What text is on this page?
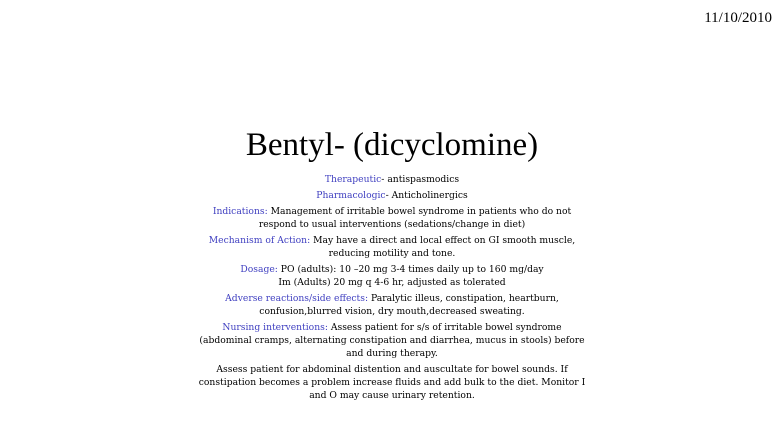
11/10/2010
Bentyl- (dicyclomine)

Therapeutic- antispasmodics

Pharmacologic- Anticholinergics

Indications: Management of irritable bowel syndrome in patients who do not respond to usual interventions (sedations/change in diet)

Mechanism of Action: May have a direct and local effect on GI smooth muscle, reducing motility and tone.

Dosage: PO (adults): 10 –20 mg 3-4 times daily up to 160 mg/day
Im (Adults) 20 mg q 4-6 hr, adjusted as tolerated

Adverse reactions/side effects: Paralytic illeus, constipation, heartburn, confusion,blurred vision, dry mouth,decreased sweating.

Nursing interventions: Assess patient for s/s of irritable bowel syndrome (abdominal cramps, alternating constipation and diarrhea, mucus in stools) before and during therapy.

Assess patient for abdominal distention and auscultate for bowel sounds. If constipation becomes a problem increase fluids and add bulk to the diet. Monitor I and O may cause urinary retention.
